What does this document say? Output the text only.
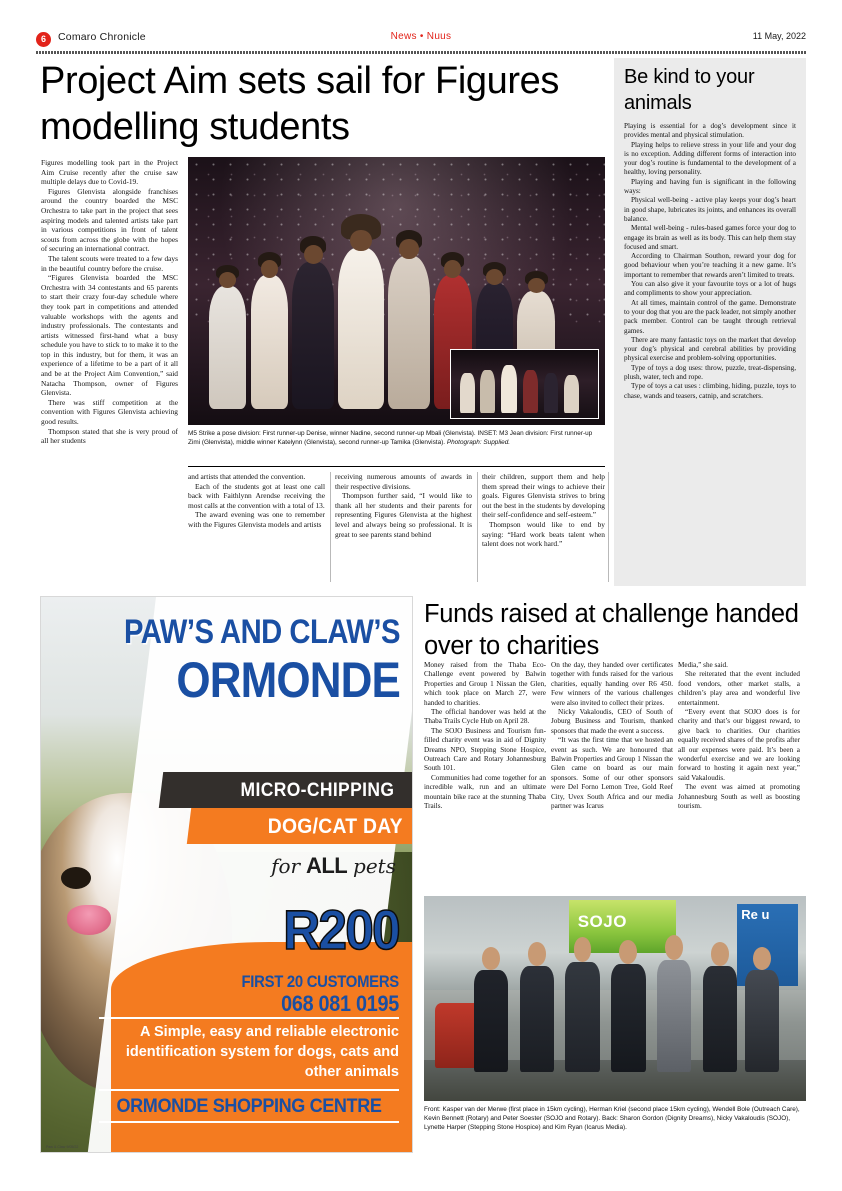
6	Comaro Chronicle	News • Nuus	11 May, 2022
Project Aim sets sail for Figures modelling students

Figures modelling took part in the Project Aim Cruise recently after the cruise saw multiple delays due to Covid-19.

Figures Glenvista alongside franchises around the country boarded the MSC Orchestra to take part in the project that sees aspiring models and talented artists take part in various competitions in front of talent scouts from across the globe with the hopes of securing an international contract.

The talent scouts were treated to a few days in the beautiful country before the cruise.

“Figures Glenvista boarded the MSC Orchestra with 34 contestants and 65 parents to start their crazy four-day schedule where they took part in competitions and attended valuable workshops with the agents and industry professionals. The contestants and artists witnessed first-hand what a busy schedule you have to stick to to make it to the top in this industry, but for them, it was an experience of a lifetime to be a part of it all and be at the Project Aim Convention,” said Natacha Thompson, owner of Figures Glenvista.

There was stiff competition at the convention with Figures Glenvista achieving good results.

Thompson stated that she is very proud of all her students

M5 Strike a pose division: First runner-up Denise, winner Nadine, second runner-up Mbali (Glenvista). INSET: M3 Jean division: First runner-up Zimi (Glenvista), middle winner Katelynn (Glenvista), second runner-up Tamika (Glenvista). Photograph: Supplied.

and artists that attended the convention.

Each of the students got at least one call back with Faithlynn Arendse receiving the most calls at the convention with a total of 13.

The award evening was one to remember with the Figures Glenvista models and artists

receiving numerous amounts of awards in their respective divisions.

Thompson further said, “I would like to thank all her students and their parents for representing Figures Glenvista at the highest level and always being so professional. It is great to see parents stand behind

their children, support them and help them spread their wings to achieve their goals. Figures Glenvista strives to bring out the best in the students by developing their self-confidence and self-esteem.”

Thompson would like to end by saying: “Hard work beats talent when talent does not work hard.”

Be kind to your animals

Playing is essential for a dog’s development since it provides mental and physical stimulation.

Playing helps to relieve stress in your life and your dog is no exception. Adding different forms of interaction into your dog’s routine is fundamental to the development of a healthy, loving personality.

Playing and having fun is significant in the following ways:

Physical well-being - active play keeps your dog’s heart in good shape, lubricates its joints, and enhances its overall balance.

Mental well-being - rules-based games force your dog to engage its brain as well as its body. This can help them stay focused and smart.

According to Chairman Southon, reward your dog for good behaviour when you’re teaching it a new game. It’s important to remember that rewards aren’t limited to treats.

You can also give it your favourite toys or a lot of hugs and compliments to show your appreciation.

At all times, maintain control of the game. Demonstrate to your dog that you are the pack leader, not simply another pack member. Control can be taught through retrieval games.

There are many fantastic toys on the market that develop your dog’s physical and cerebral abilities by providing physical exercise and problem-solving opportunities.

Type of toys a dog uses: throw, puzzle, treat-dispensing, plush, water, tech and rope.

Type of toys a cat uses : climbing, hiding, puzzle, toys to chase, wands and teasers, catnip, and scratchers.

PAW’S AND CLAW’S
ORMONDE
MICRO-CHIPPING
DOG/CAT DAY
for ALL pets
R200
FIRST 20 CUSTOMERS
068 081 0195
A Simple, easy and reliable electronic identification system for dogs, cats and other animals
ORMONDE SHOPPING CENTRE
Paw & Claw 9/05/22
Funds raised at challenge handed over to charities

Money raised from the Thaba Eco-Challenge event powered by Balwin Properties and Group 1 Nissan the Glen, which took place on March 27, were handed to charities.

The official handover was held at the Thaba Trails Cycle Hub on April 28.

The SOJO Business and Tourism fun-filled charity event was in aid of Dignity Dreams NPO, Stepping Stone Hospice, Outreach Care and Rotary Johannesburg South 101.

Communities had come together for an incredible walk, run and an ultimate mountain bike race at the stunning Thaba Trails.

On the day, they handed over certificates together with funds raised for the various charities, equally handing over R6 450. Few winners of the various challenges were also invited to collect their prizes.

Nicky Vakaloudis, CEO of South of Joburg Business and Tourism, thanked sponsors that made the event a success.

“It was the first time that we hosted an event as such. We are honoured that Balwin Properties and Group 1 Nissan the Glen came on board as our main sponsors. Some of our other sponsors were Del Forno Lemon Tree, Gold Reef City, Uvex South Africa and our media partner was Icarus

Media,” she said.

She reiterated that the event included food vendors, other market stalls, a children’s play area and wonderful live entertainment.

“Every event that SOJO does is for charity and that’s our biggest reward, to give back to charities. Our charities equally received shares of the profits after all our expenses were paid. It’s been a wonderful exercise and we are looking forward to hosting it again next year,” said Vakaloudis.

The event was aimed at promoting Johannesburg South as well as boosting tourism.

SOJO	Re u
Front: Kasper van der Merwe (first place in 15km cycling), Herman Kriel (second place 15km cycling), Wendell Bole (Outreach Care), Kevin Bennett (Rotary) and Peter Soester (SOJO and Rotary). Back: Sharon Gordon (Dignity Dreams), Nicky Vakaloudis (SOJO), Lynette Harper (Stepping Stone Hospice) and Kim Ryan (Icarus Media).
